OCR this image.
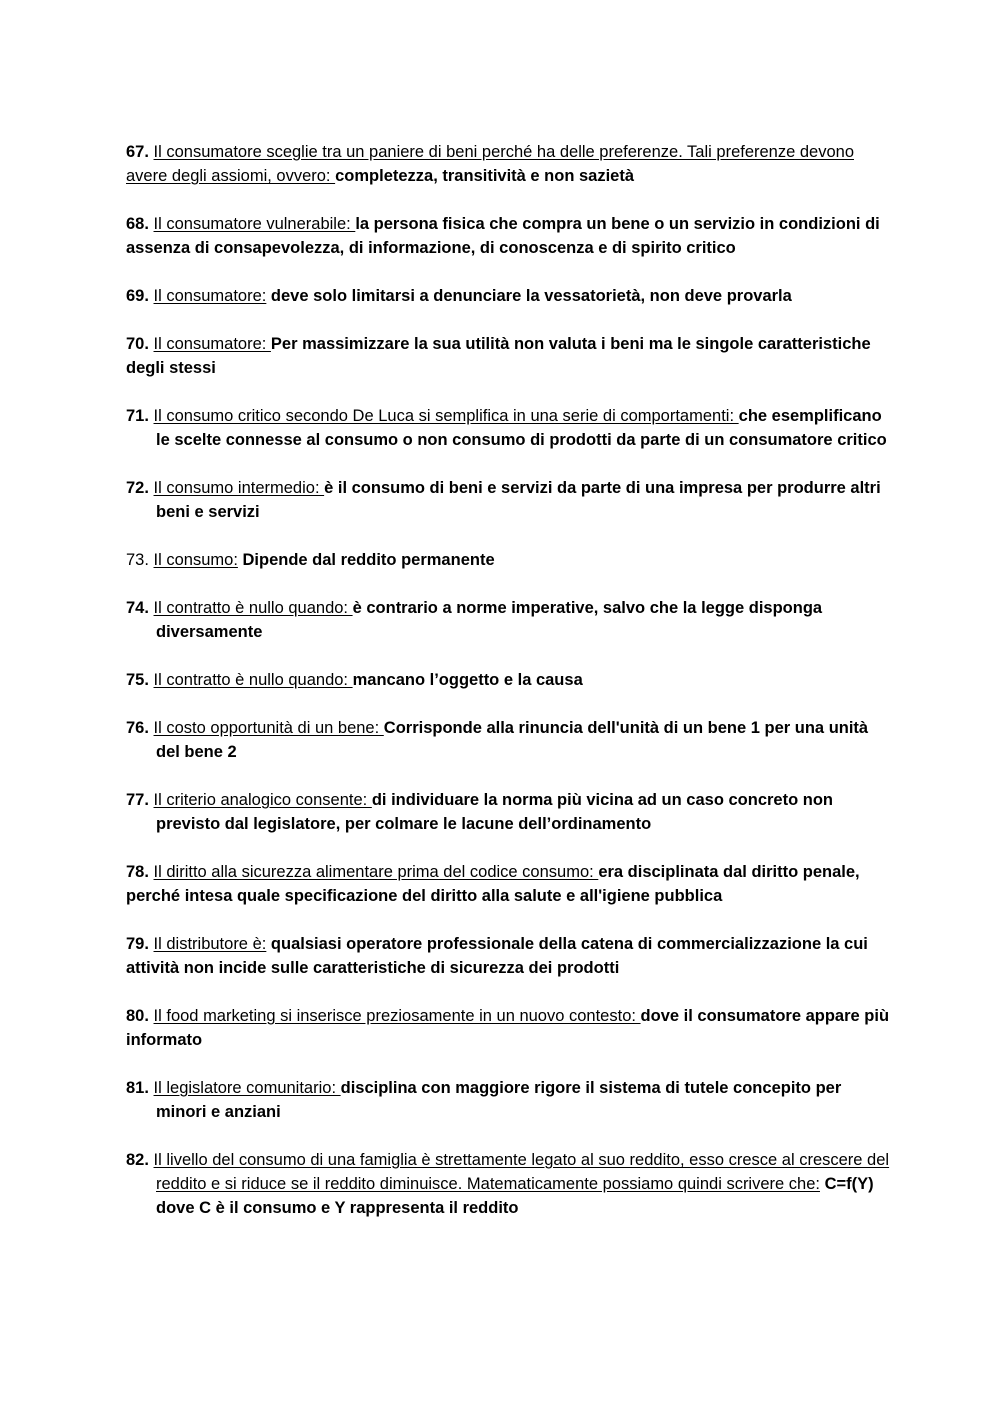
67. Il consumatore sceglie tra un paniere di beni perché ha delle preferenze. Tali preferenze devono avere degli assiomi, ovvero: completezza, transitività e non sazietà

68. Il consumatore vulnerabile: la persona fisica che compra un bene o un servizio in condizioni di assenza di consapevolezza, di informazione, di conoscenza e di spirito critico

69. Il consumatore: deve solo limitarsi a denunciare la vessatorietà, non deve provarla

70. Il consumatore: Per massimizzare la sua utilità non valuta i beni ma le singole caratteristiche degli stessi

71. Il consumo critico secondo De Luca si semplifica in una serie di comportamenti: che esemplificano le scelte connesse al consumo o non consumo di prodotti da parte di un consumatore critico

72. Il consumo intermedio: è il consumo di beni e servizi da parte di una impresa per produrre altri beni e servizi

73. Il consumo: Dipende dal reddito permanente

74. Il contratto è nullo quando: è contrario a norme imperative, salvo che la legge disponga diversamente

75. Il contratto è nullo quando: mancano l’oggetto e la causa

76. Il costo opportunità di un bene: Corrisponde alla rinuncia dell'unità di un bene 1 per una unità del bene 2

77. Il criterio analogico consente: di individuare la norma più vicina ad un caso concreto non previsto dal legislatore, per colmare le lacune dell’ordinamento

78. Il diritto alla sicurezza alimentare prima del codice consumo: era disciplinata dal diritto penale, perché intesa quale specificazione del diritto alla salute e all'igiene pubblica

79. Il distributore è: qualsiasi operatore professionale della catena di commercializzazione la cui attività non incide sulle caratteristiche di sicurezza dei prodotti

80. Il food marketing si inserisce preziosamente in un nuovo contesto: dove il consumatore appare più informato

81. Il legislatore comunitario: disciplina con maggiore rigore il sistema di tutele concepito per minori e anziani

82. Il livello del consumo di una famiglia è strettamente legato al suo reddito, esso cresce al crescere del reddito e si riduce se il reddito diminuisce. Matematicamente possiamo quindi scrivere che: C=f(Y) dove C è il consumo e Y rappresenta il reddito
